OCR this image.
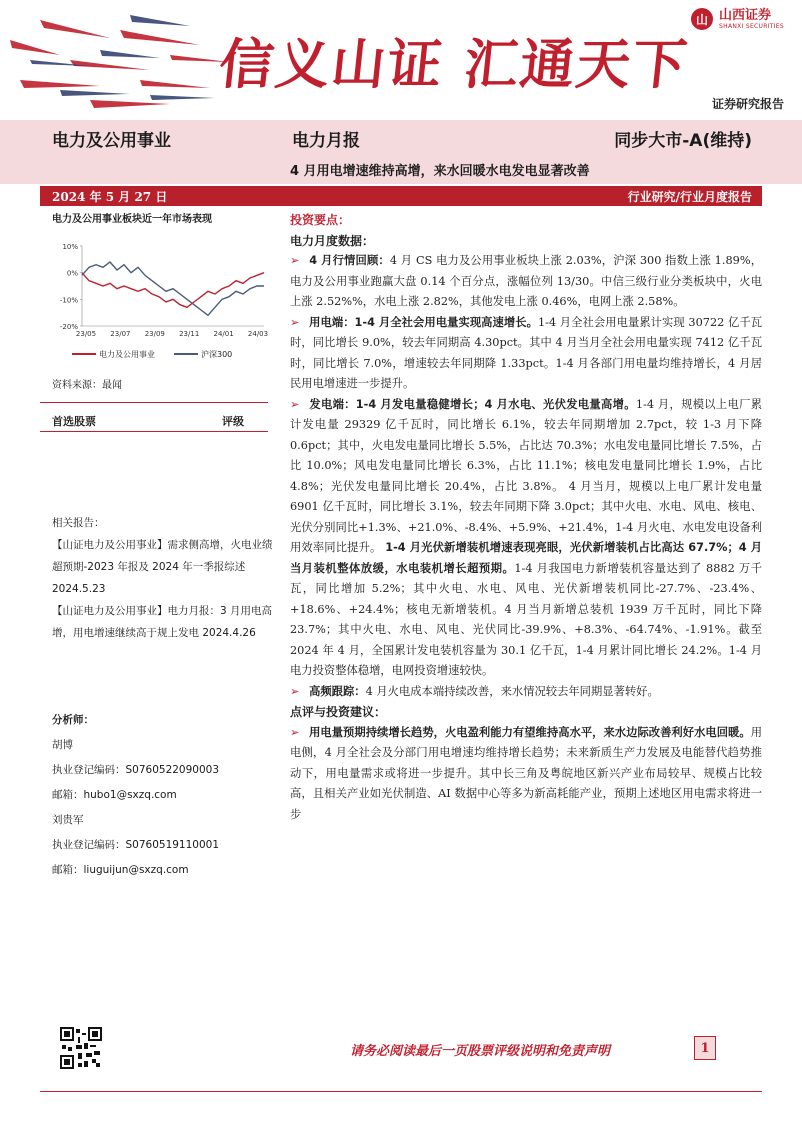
信义山证 汇通天下
山 山西证券
SHANXI SECURITIES
证券研究报告
电力及公用事业	电力月报	同步大市-A(维持)
4 月用电增速维持高增，来水回暖水电发电显著改善
2024 年 5 月 27 日	行业研究/行业月度报告
电力及公用事业板块近一年市场表现
10%
0%
-10%
-20%
23/05 23/07 23/09 23/11 24/01 24/03
电力及公用事业	沪深300
资料来源：最闻
首选股票	评级
相关报告：
【山证电力及公用事业】需求侧高增，火电业绩超预期-2023 年报及 2024 年一季报综述 2024.5.23
【山证电力及公用事业】电力月报：3 月用电高增，用电增速继续高于规上发电 2024.4.26
分析师：
胡博
执业登记编码：S0760522090003
邮箱：hubo1@sxzq.com
刘贵军
执业登记编码：S0760519110001
邮箱：liuguijun@sxzq.com
投资要点：
电力月度数据：
➢ 4 月行情回顾：4 月 CS 电力及公用事业板块上涨 2.03%，沪深 300 指数上涨 1.89%，电力及公用事业跑赢大盘 0.14 个百分点，涨幅位列 13/30。中信三级行业分类板块中，火电上涨 2.52%%，水电上涨 2.82%，其他发电上涨 0.46%，电网上涨 2.58%。
➢ 用电端：1-4 月全社会用电量实现高速增长。1-4 月全社会用电量累计实现 30722 亿千瓦时，同比增长 9.0%，较去年同期高 4.30pct。其中 4 月当月全社会用电量实现 7412 亿千瓦时，同比增长 7.0%，增速较去年同期降 1.33pct。1-4 月各部门用电量均维持增长，4 月居民用电增速进一步提升。
➢ 发电端：1-4 月发电量稳健增长；4 月水电、光伏发电量高增。1-4 月，规模以上电厂累计发电量 29329 亿千瓦时，同比增长 6.1%，较去年同期增加 2.7pct，较 1-3 月下降 0.6pct；其中，火电发电量同比增长 5.5%，占比达 70.3%；水电发电量同比增长 7.5%，占比 10.0%；风电发电量同比增长 6.3%，占比 11.1%；核电发电量同比增长 1.9%，占比 4.8%；光伏发电量同比增长 20.4%，占比 3.8%。 4 月当月，规模以上电厂累计发电量 6901 亿千瓦时，同比增长 3.1%，较去年同期下降 3.0pct；其中火电、水电、风电、核电、光伏分别同比+1.3%、+21.0%、-8.4%、+5.9%、+21.4%，1-4 月火电、水电发电设备利用效率同比提升。 1-4 月光伏新增装机增速表现亮眼，光伏新增装机占比高达 67.7%；4 月当月装机整体放缓，水电装机增长超预期。1-4 月我国电力新增装机容量达到了 8882 万千瓦，同比增加 5.2%；其中火电、水电、风电、光伏新增装机同比-27.7%、-23.4%、+18.6%、+24.4%；核电无新增装机。4 月当月新增总装机 1939 万千瓦时，同比下降 23.7%；其中火电、水电、风电、光伏同比-39.9%、+8.3%、-64.74%、-1.91%。截至 2024 年 4 月，全国累计发电装机容量为 30.1 亿千瓦，1-4 月累计同比增长 24.2%。1-4 月电力投资整体稳增，电网投资增速较快。
➢ 高频跟踪：4 月火电成本端持续改善，来水情况较去年同期显著转好。
点评与投资建议：
➢ 用电量预期持续增长趋势，火电盈利能力有望维持高水平，来水边际改善利好水电回暖。用电侧，4 月全社会及分部门用电增速均维持增长趋势；未来新质生产力发展及电能替代趋势推动下，用电量需求或将进一步提升。其中长三角及粤皖地区新兴产业布局较早、规模占比较高，且相关产业如光伏制造、AI 数据中心等多为新高耗能产业，预期上述地区用电需求将进一步
请务必阅读最后一页股票评级说明和免责声明	1
